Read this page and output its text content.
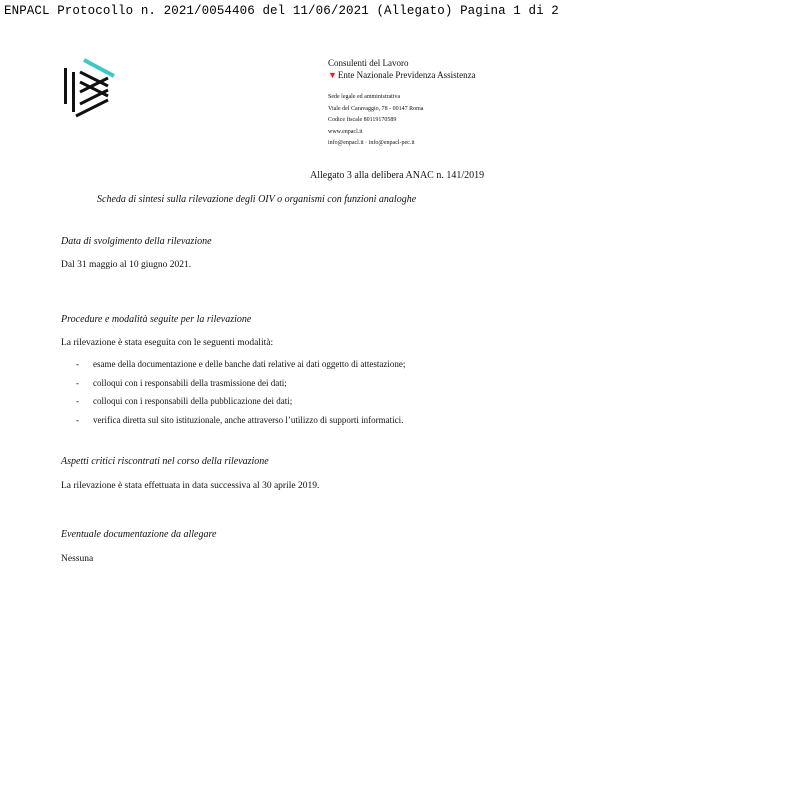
ENPACL Protocollo n. 2021/0054406 del 11/06/2021 (Allegato) Pagina 1 di 2
Consulenti del Lavoro
▼Ente Nazionale Previdenza Assistenza
Sede legale ed amministrativa
Viale del Caravaggio, 78 - 00147 Roma
Codice fiscale 80119170589
www.enpacl.it
info@enpacl.it · info@enpacl-pec.it
Allegato 3 alla delibera ANAC n. 141/2019
Scheda di sintesi sulla rilevazione degli OIV o organismi con funzioni analoghe
Data di svolgimento della rilevazione
Dal 31 maggio al 10 giugno 2021.
Procedure e modalità seguite per la rilevazione
La rilevazione è stata eseguita con le seguenti modalità:
- esame della documentazione e delle banche dati relative ai dati oggetto di attestazione;
- colloqui con i responsabili della trasmissione dei dati;
- colloqui con i responsabili della pubblicazione dei dati;
- verifica diretta sul sito istituzionale, anche attraverso l’utilizzo di supporti informatici.
Aspetti critici riscontrati nel corso della rilevazione
La rilevazione è stata effettuata in data successiva al 30 aprile 2019.
Eventuale documentazione da allegare
Nessuna
